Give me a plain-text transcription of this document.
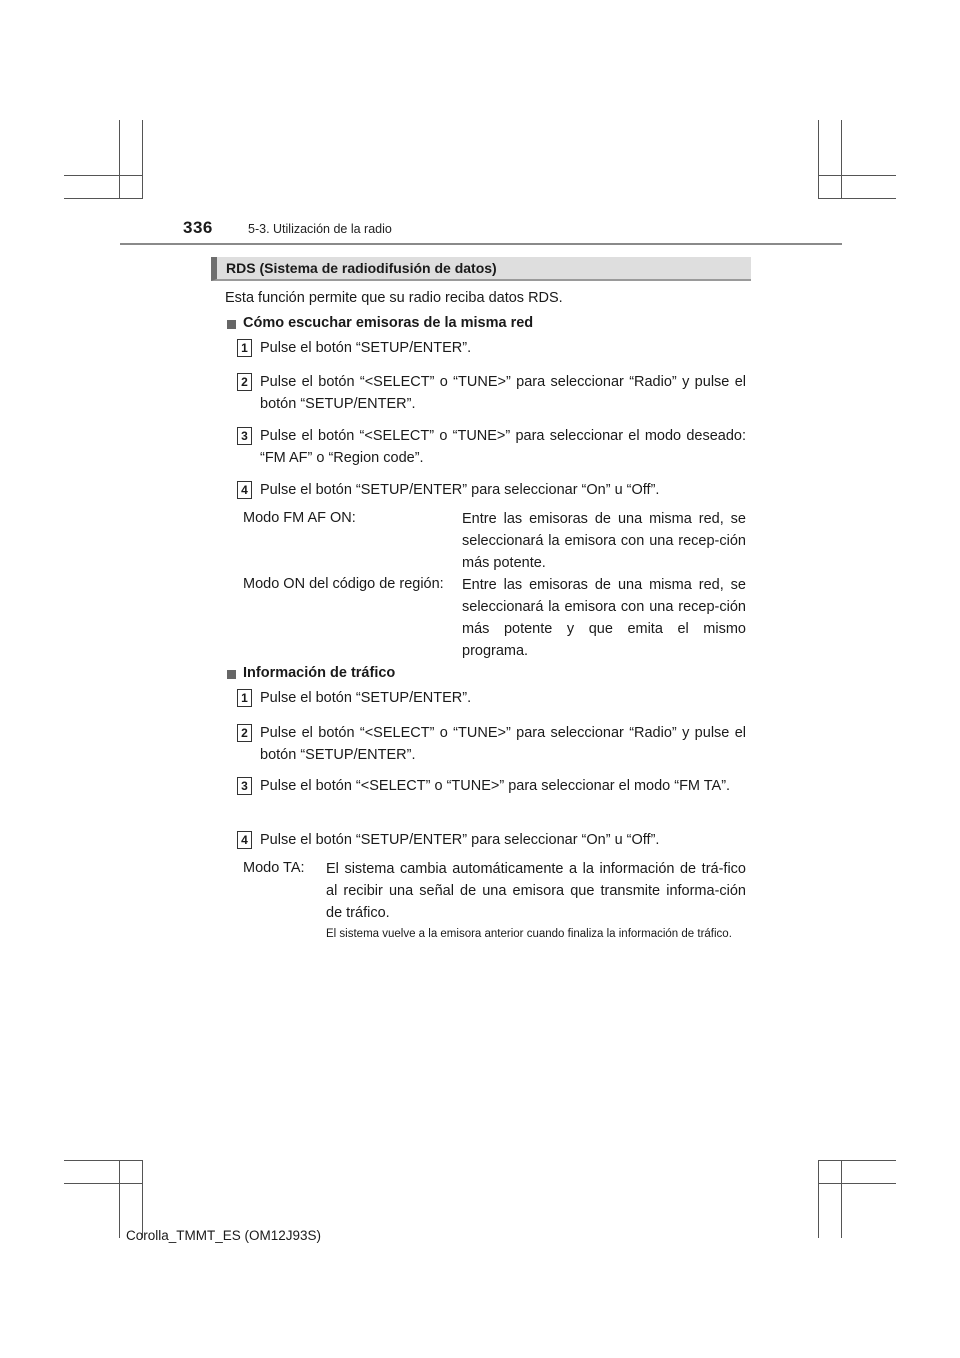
336	5-3. Utilización de la radio
RDS (Sistema de radiodifusión de datos)
Esta función permite que su radio reciba datos RDS.
Cómo escuchar emisoras de la misma red
1 Pulse el botón “SETUP/ENTER”.
2 Pulse el botón “<SELECT” o “TUNE>” para seleccionar “Radio” y pulse el botón “SETUP/ENTER”.
3 Pulse el botón “<SELECT” o “TUNE>” para seleccionar el modo deseado: “FM AF” o “Region code”.
4 Pulse el botón “SETUP/ENTER” para seleccionar “On” u “Off”.
Modo FM AF ON:	Entre las emisoras de una misma red, se seleccionará la emisora con una recep-ción más potente.
Modo ON del código de región: Entre las emisoras de una misma red, se seleccionará la emisora con una recep-ción más potente y que emita el mismo programa.
Información de tráfico
1 Pulse el botón “SETUP/ENTER”.
2 Pulse el botón “<SELECT” o “TUNE>” para seleccionar “Radio” y pulse el botón “SETUP/ENTER”.
3 Pulse el botón “<SELECT” o “TUNE>” para seleccionar el modo “FM TA”.
4 Pulse el botón “SETUP/ENTER” para seleccionar “On” u “Off”.
Modo TA: El sistema cambia automáticamente a la información de trá-fico al recibir una señal de una emisora que transmite informa-ción de tráfico.
El sistema vuelve a la emisora anterior cuando finaliza la información de tráfico.
Corolla_TMMT_ES (OM12J93S)
